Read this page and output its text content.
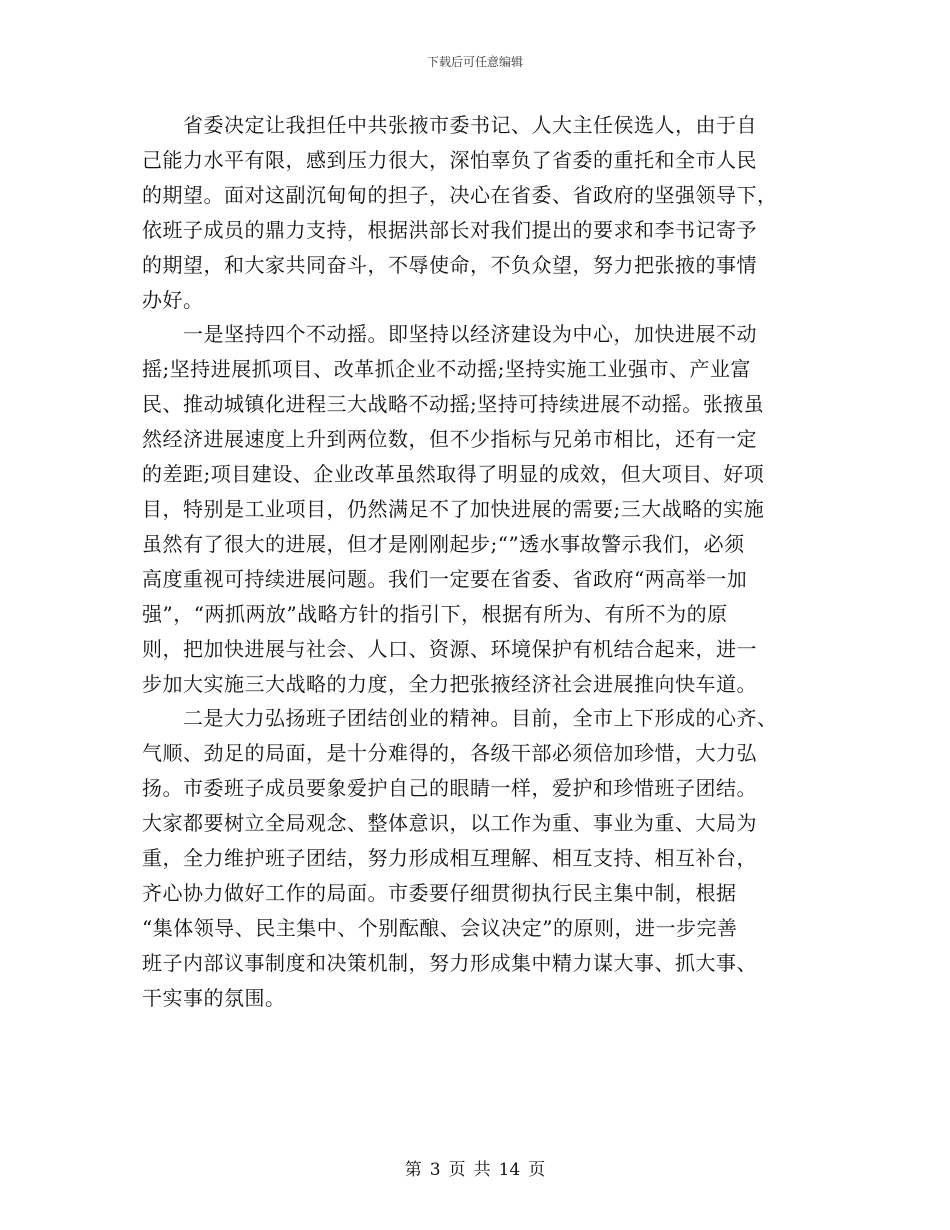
下载后可任意编辑
　　省委决定让我担任中共张掖市委书记、人大主任侯选人，由于自
己能力水平有限，感到压力很大，深怕辜负了省委的重托和全市人民
的期望。面对这副沉甸甸的担子，决心在省委、省政府的坚强领导下，
依班子成员的鼎力支持，根据洪部长对我们提出的要求和李书记寄予
的期望，和大家共同奋斗，不辱使命，不负众望，努力把张掖的事情
办好。
　　一是坚持四个不动摇。即坚持以经济建设为中心，加快进展不动
摇;坚持进展抓项目、改革抓企业不动摇;坚持实施工业强市、产业富
民、推动城镇化进程三大战略不动摇;坚持可持续进展不动摇。张掖虽
然经济进展速度上升到两位数，但不少指标与兄弟市相比，还有一定
的差距;项目建设、企业改革虽然取得了明显的成效，但大项目、好项
目，特别是工业项目，仍然满足不了加快进展的需要;三大战略的实施
虽然有了很大的进展，但才是刚刚起步;“”透水事故警示我们，必须
高度重视可持续进展问题。我们一定要在省委、省政府“两高举一加
强”，“两抓两放”战略方针的指引下，根据有所为、有所不为的原
则，把加快进展与社会、人口、资源、环境保护有机结合起来，进一
步加大实施三大战略的力度，全力把张掖经济社会进展推向快车道。
　　二是大力弘扬班子团结创业的精神。目前，全市上下形成的心齐、
气顺、劲足的局面，是十分难得的，各级干部必须倍加珍惜，大力弘
扬。市委班子成员要象爱护自己的眼睛一样，爱护和珍惜班子团结。
大家都要树立全局观念、整体意识，以工作为重、事业为重、大局为
重，全力维护班子团结，努力形成相互理解、相互支持、相互补台，
齐心协力做好工作的局面。市委要仔细贯彻执行民主集中制，根据
“集体领导、民主集中、个别酝酿、会议决定”的原则，进一步完善
班子内部议事制度和决策机制，努力形成集中精力谋大事、抓大事、
干实事的氛围。
第 3 页 共 14 页
